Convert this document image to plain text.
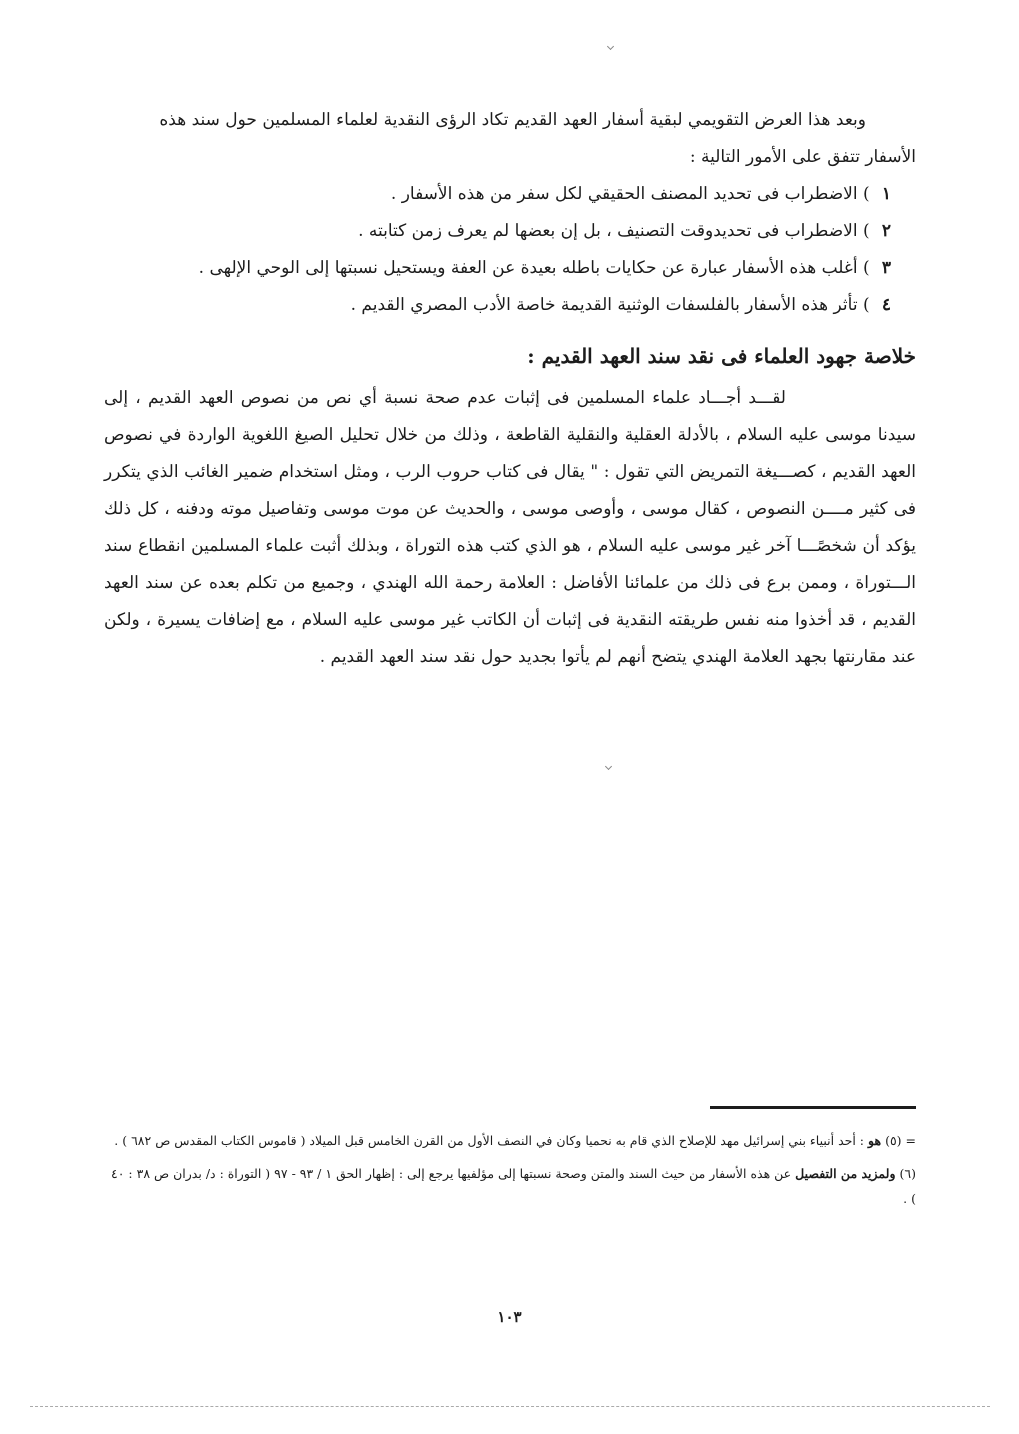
وبعد هذا العرض التقويمي لبقية أسفار العهد القديم تكاد الرؤى النقدية لعلماء المسلمين حول سند هذه

الأسفار تتفق على الأمور التالية :

١ ) الاضطراب فى تحديد المصنف الحقيقي لكل سفر من هذه الأسفار .
٢ ) الاضطراب فى تحديدوقت التصنيف ، بل إن بعضها لم يعرف زمن كتابته .
٣ ) أغلب هذه الأسفار عبارة عن حكايات باطله بعيدة عن العفة ويستحيل نسبتها إلى الوحي الإلهى .
٤ ) تأثر هذه الأسفار بالفلسفات الوثنية القديمة خاصة الأدب المصري القديم .
خلاصة جهود العلماء فى نقد سند العهد القديم :

لقـــد أجـــاد علماء المسلمين فى إثبات عدم صحة نسبة أي نص من نصوص العهد القديم ، إلى سيدنا موسى عليه السلام ، بالأدلة العقلية والنقلية القاطعة ، وذلك من خلال تحليل الصيغ اللغوية الواردة في نصوص العهد القديم ، كصـــيغة التمريض التي تقول : " يقال فى كتاب حروب الرب ، ومثل استخدام ضمير الغائب الذي يتكرر فى كثير مــــن النصوص ، كقال موسى ، وأوصى موسى ، والحديث عن موت موسى وتفاصيل موته ودفنه ، كل ذلك يؤكد أن شخصًـــا آخر غير موسى عليه السلام ، هو الذي كتب هذه التوراة ، وبذلك أثبت علماء المسلمين انقطاع سند الـــتوراة ، وممن برع فى ذلك من علمائنا الأفاضل : العلامة رحمة الله الهندي ، وجميع من تكلم بعده عن سند العهد القديم ، قد أخذوا منه نفس طريقته النقدية فى إثبات أن الكاتب غير موسى عليه السلام ، مع إضافات يسيرة ، ولكن عند مقارنتها بجهد العلامة الهندي يتضح أنهم لم يأتوا بجديد حول نقد سند العهد القديم .

= (٥) هو : أحد أنبياء بني إسرائيل مهد للإصلاح الذي قام به نحميا وكان في النصف الأول من القرن الخامس قبل الميلاد ( قاموس الكتاب المقدس ص ٦٨٢ ) .

(٦) ولمزيد من التفصيل عن هذه الأسفار من حيث السند والمتن وصحة نسبتها إلى مؤلفيها يرجع إلى : إظهار الحق ١ / ٩٣ - ٩٧ ( التوراة : د/ بدران ص ٣٨ : ٤٠ ) .

١٠٣
